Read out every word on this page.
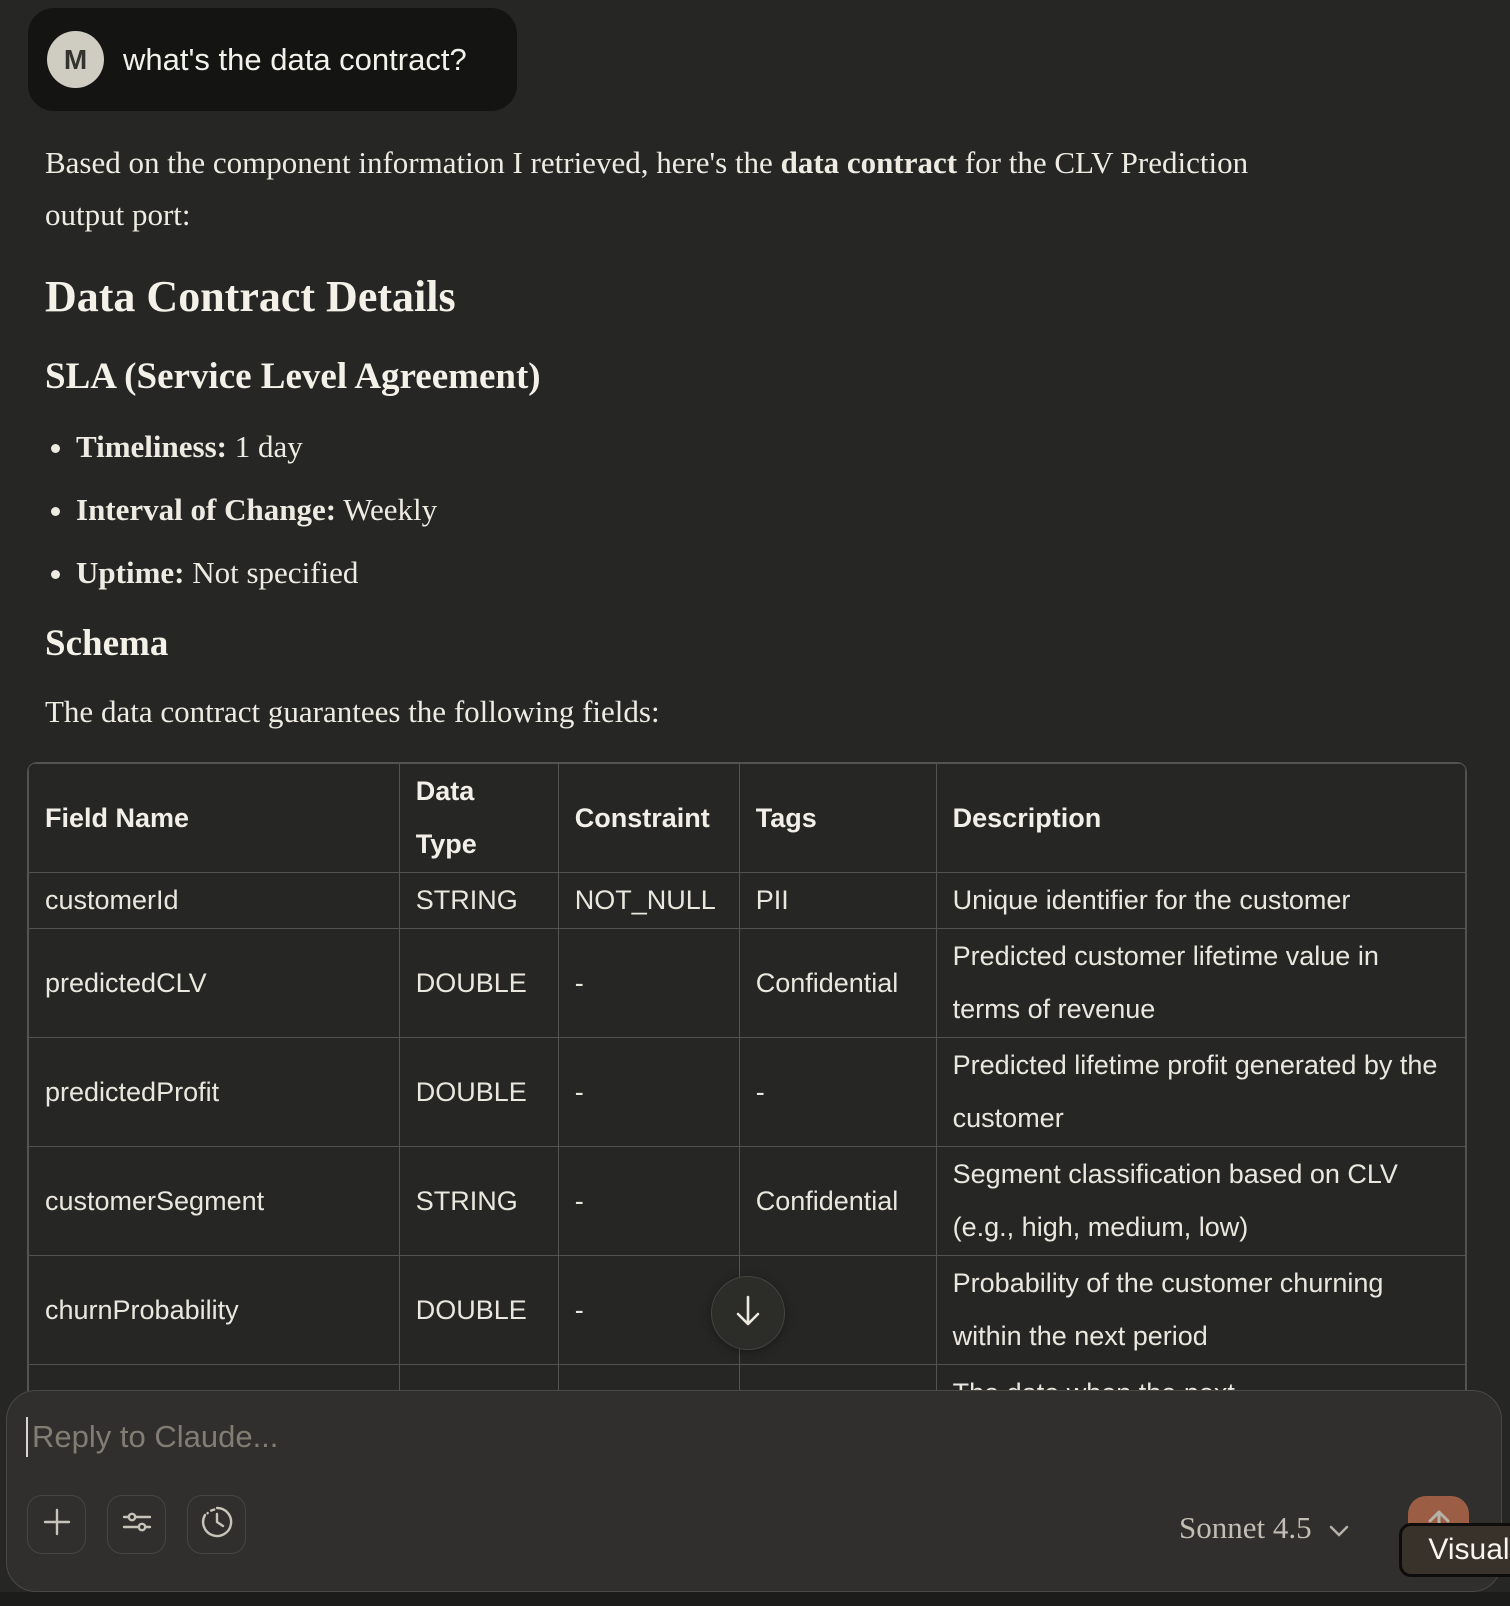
M	what's the data contract?

Based on the component information I retrieved, here's the data contract for the CLV Prediction output port:

Data Contract Details
SLA (Service Level Agreement)
• Timeliness: 1 day
• Interval of Change: Weekly
• Uptime: Not specified
Schema

The data contract guarantees the following fields:

Field Name	Data Type	Constraint	Tags	Description
customerId	STRING	NOT_NULL	PII	Unique identifier for the customer
predictedCLV	DOUBLE	-	Confidential	Predicted customer lifetime value in terms of revenue
predictedProfit	DOUBLE	-	-	Predicted lifetime profit generated by the customer
customerSegment	STRING	-	Confidential	Segment classification based on CLV (e.g., high, medium, low)
churnProbability	DOUBLE	-		Probability of the customer churning within the next period

Reply to Claude...
Sonnet 4.5
Visual
